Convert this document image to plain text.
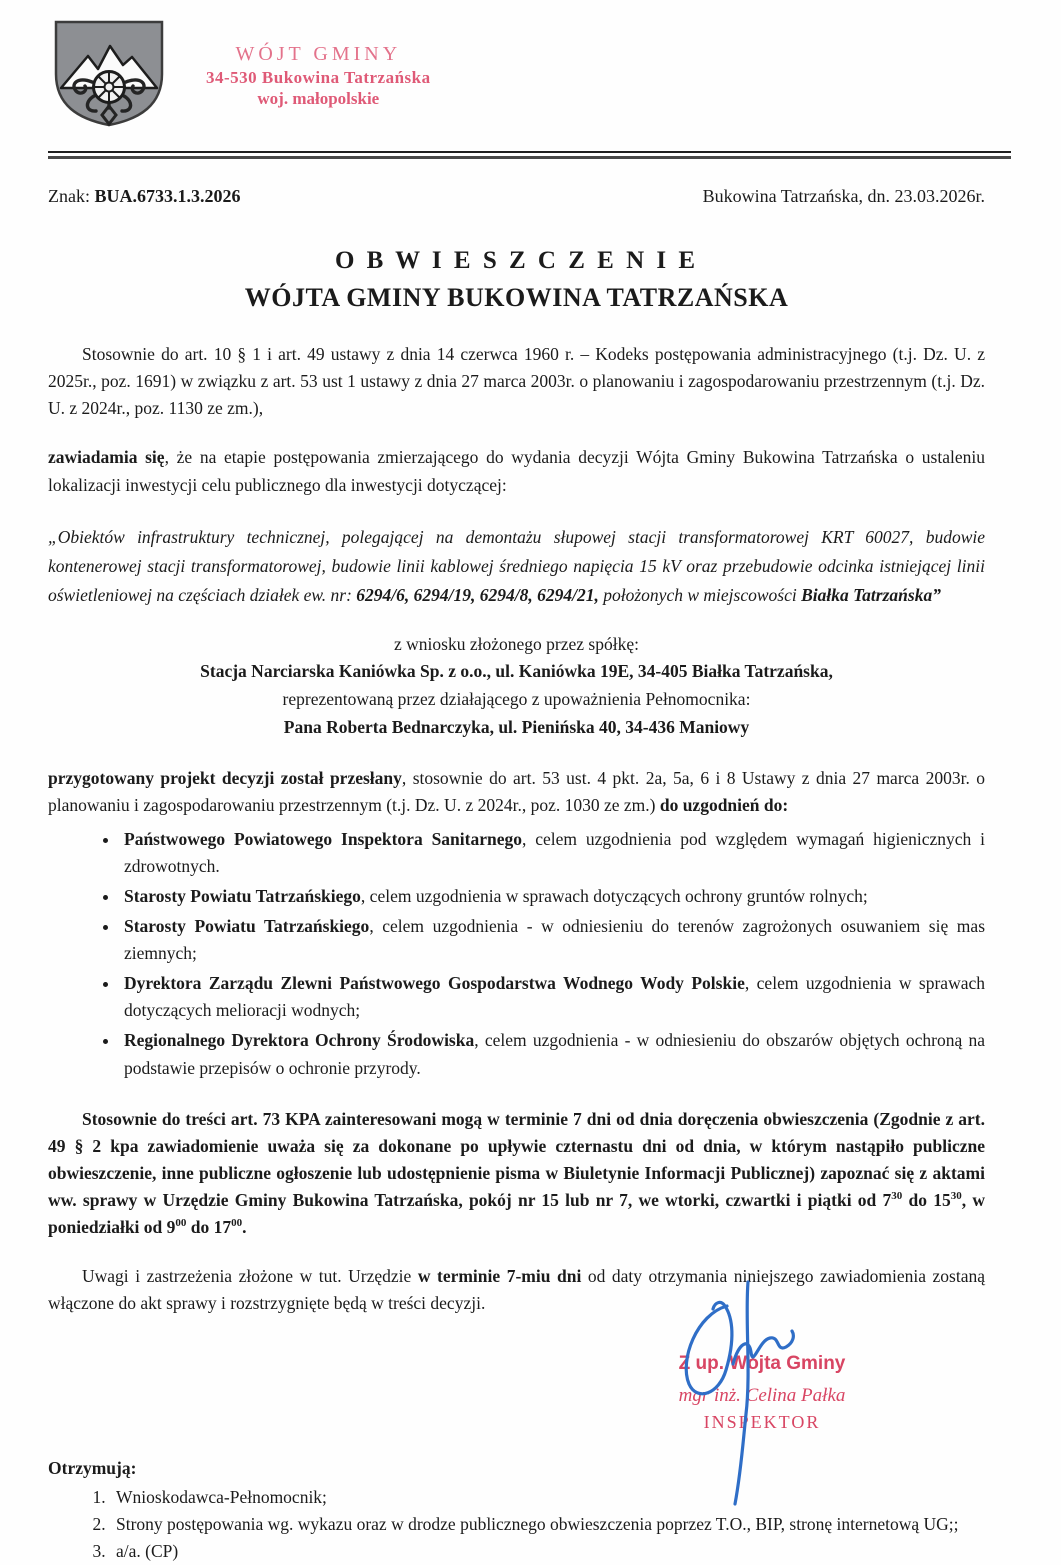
WÓJT GMINY
34-530 Bukowina Tatrzańska
woj. małopolskie
Znak: BUA.6733.1.3.2026	Bukowina Tatrzańska, dn. 23.03.2026r.
O B W I E S Z C Z E N I E
WÓJTA GMINY BUKOWINA TATRZAŃSKA

Stosownie do art. 10 § 1 i art. 49 ustawy z dnia 14 czerwca 1960 r. – Kodeks postępowania administracyjnego (t.j. Dz. U. z 2025r., poz. 1691) w związku z art. 53 ust 1 ustawy z dnia 27 marca 2003r. o planowaniu i zagospodarowaniu przestrzennym (t.j. Dz. U. z 2024r., poz. 1130 ze zm.),

zawiadamia się, że na etapie postępowania zmierzającego do wydania decyzji Wójta Gminy Bukowina Tatrzańska o ustaleniu lokalizacji inwestycji celu publicznego dla inwestycji dotyczącej:

„Obiektów infrastruktury technicznej, polegającej na demontażu słupowej stacji transformatorowej KRT 60027, budowie kontenerowej stacji transformatorowej, budowie linii kablowej średniego napięcia 15 kV oraz przebudowie odcinka istniejącej linii oświetleniowej na częściach działek ew. nr: 6294/6, 6294/19, 6294/8, 6294/21, położonych w miejscowości Białka Tatrzańska”

z wniosku złożonego przez spółkę:
Stacja Narciarska Kaniówka Sp. z o.o., ul. Kaniówka 19E, 34-405 Białka Tatrzańska,
reprezentowaną przez działającego z upoważnienia Pełnomocnika:
Pana Roberta Bednarczyka, ul. Pienińska 40, 34-436 Maniowy

przygotowany projekt decyzji został przesłany, stosownie do art. 53 ust. 4 pkt. 2a, 5a, 6 i 8 Ustawy z dnia 27 marca 2003r. o planowaniu i zagospodarowaniu przestrzennym (t.j. Dz. U. z 2024r., poz. 1030 ze zm.) do uzgodnień do:

• Państwowego Powiatowego Inspektora Sanitarnego, celem uzgodnienia pod względem wymagań higienicznych i zdrowotnych.
• Starosty Powiatu Tatrzańskiego, celem uzgodnienia w sprawach dotyczących ochrony gruntów rolnych;
• Starosty Powiatu Tatrzańskiego, celem uzgodnienia - w odniesieniu do terenów zagrożonych osuwaniem się mas ziemnych;
• Dyrektora Zarządu Zlewni Państwowego Gospodarstwa Wodnego Wody Polskie, celem uzgodnienia w sprawach dotyczących melioracji wodnych;
• Regionalnego Dyrektora Ochrony Środowiska, celem uzgodnienia - w odniesieniu do obszarów objętych ochroną na podstawie przepisów o ochronie przyrody.

Stosownie do treści art. 73 KPA zainteresowani mogą w terminie 7 dni od dnia doręczenia obwieszczenia (Zgodnie z art. 49 § 2 kpa zawiadomienie uważa się za dokonane po upływie czternastu dni od dnia, w którym nastąpiło publiczne obwieszczenie, inne publiczne ogłoszenie lub udostępnienie pisma w Biuletynie Informacji Publicznej) zapoznać się z aktami ww. sprawy w Urzędzie Gminy Bukowina Tatrzańska, pokój nr 15 lub nr 7, we wtorki, czwartki i piątki od $7^{30}$ do $15^{30}$, w poniedziałki od $9^{00}$ do $17^{00}$.

Uwagi i zastrzeżenia złożone w tut. Urzędzie w terminie 7-miu dni od daty otrzymania niniejszego zawiadomienia zostaną włączone do akt sprawy i rozstrzygnięte będą w treści decyzji.

Z up. Wójta Gminy
mgr inż. Celina Pałka
INSPEKTOR
Otrzymują:
1. Wnioskodawca-Pełnomocnik;
2. Strony postępowania wg. wykazu oraz w drodze publicznego obwieszczenia poprzez T.O., BIP, stronę internetową UG;;
3. a/a. (CP)
